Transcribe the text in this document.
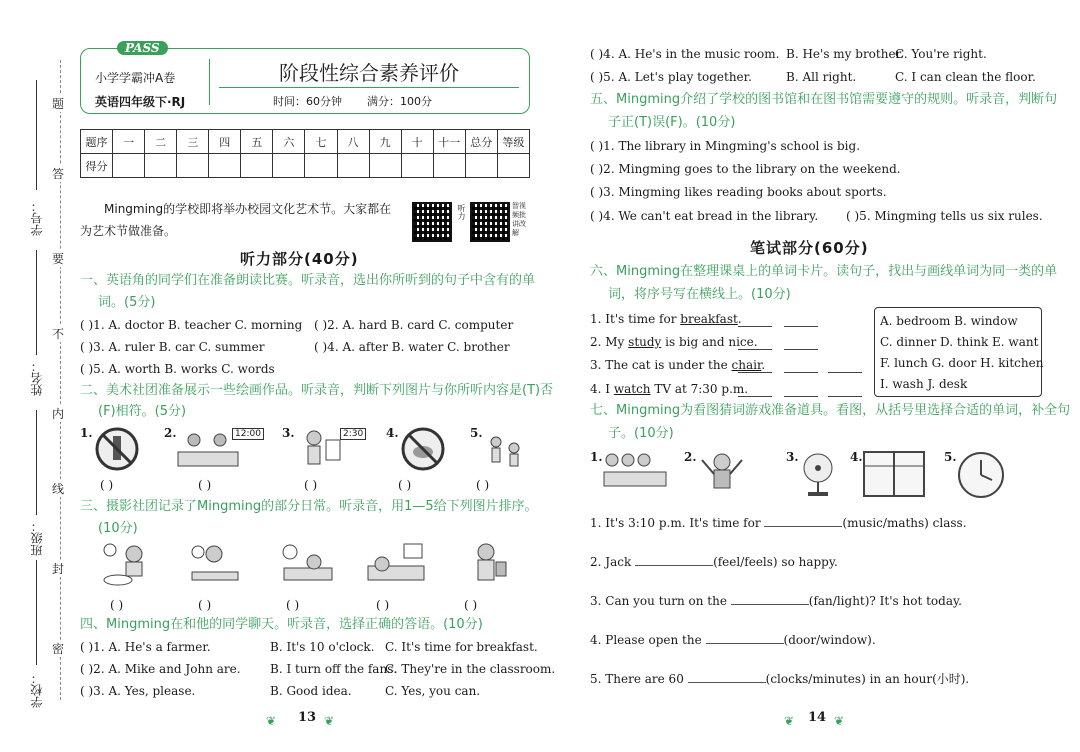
学号：
姓名：
班级：
学校：
题
答
要
不
内
线
封
密
PASS
小学学霸冲A卷
英语四年级下·RJ
阶段性综合素养评价
时间：60分钟 满分：100分
题序	一	二	三	四	五	六	七	八	九	十	十一	总分	等级
得分													
Mingming的学校即将举办校园文化艺术节。大家都在
为艺术节做准备。
听力	智视频批讲改解
听力部分(40分)
一、英语角的同学们在准备朗读比赛。听录音，选出你所听到的句子中含有的单
词。(5分)
( )1. A. doctor B. teacher C. morning ( )2. A. hard B. card C. computer
( )3. A. ruler B. car C. summer	( )4. A. after B. water C. brother
( )5. A. worth B. works C. words
二、美术社团准备展示一些绘画作品。听录音，判断下列图片与你所听内容是(T)否
(F)相符。(5分)
1.	2.	12:00 3.	2:30 4.	5.
( )	( )	( )	( )	( )
三、摄影社团记录了Mingming的部分日常。听录音，用1—5给下列图片排序。
(10分)
( )	( )	( )	( )	( )
四、Mingming在和他的同学聊天。听录音，选择正确的答语。(10分)
( )1. A. He's a farmer.	B. It's 10 o'clock. C. It's time for breakfast.
( )2. A. Mike and John are. B. I turn off the fans.
C. They're in the classroom.
( )3. A. Yes, please.	B. Good idea.	C. Yes, you can.
❦ 13 ❦
( )4. A. He's in the music room. B. He's my brother.
C. You're right.
( )5. A. Let's play together.	B. All right.	C. I can clean the floor.
五、Mingming介绍了学校的图书馆和在图书馆需要遵守的规则。听录音，判断句
子正(T)误(F)。(10分)
( )1. The library in Mingming's school is big.
( )2. Mingming goes to the library on the weekend.
( )3. Mingming likes reading books about sports.
( )4. We can't eat bread in the library. ( )5. Mingming tells us six rules.
笔试部分(60分)
六、Mingming在整理课桌上的单词卡片。读句子，找出与画线单词为同一类的单
词，将序号写在横线上。(10分)
1. It's time for breakfast.
2. My study is big and nice.
3. The cat is under the chair.
4. I watch TV at 7:30 p.m.
A. bedroom B. window
C. dinner D. think E. want
F. lunch G. door H. kitchen
I. wash J. desk
七、Mingming为看图猜词游戏准备道具。看图，从括号里选择合适的单词，补全句
子。(10分)
1.	2.	3.	4.	5.
1. It's 3:10 p.m. It's time for	(music/maths) class.
2. Jack	(feel/feels) so happy.
3. Can you turn on the	(fan/light)? It's hot today.
4. Please open the	(door/window).
5. There are 60	(clocks/minutes) in an hour(小时).
❦ 14 ❦
